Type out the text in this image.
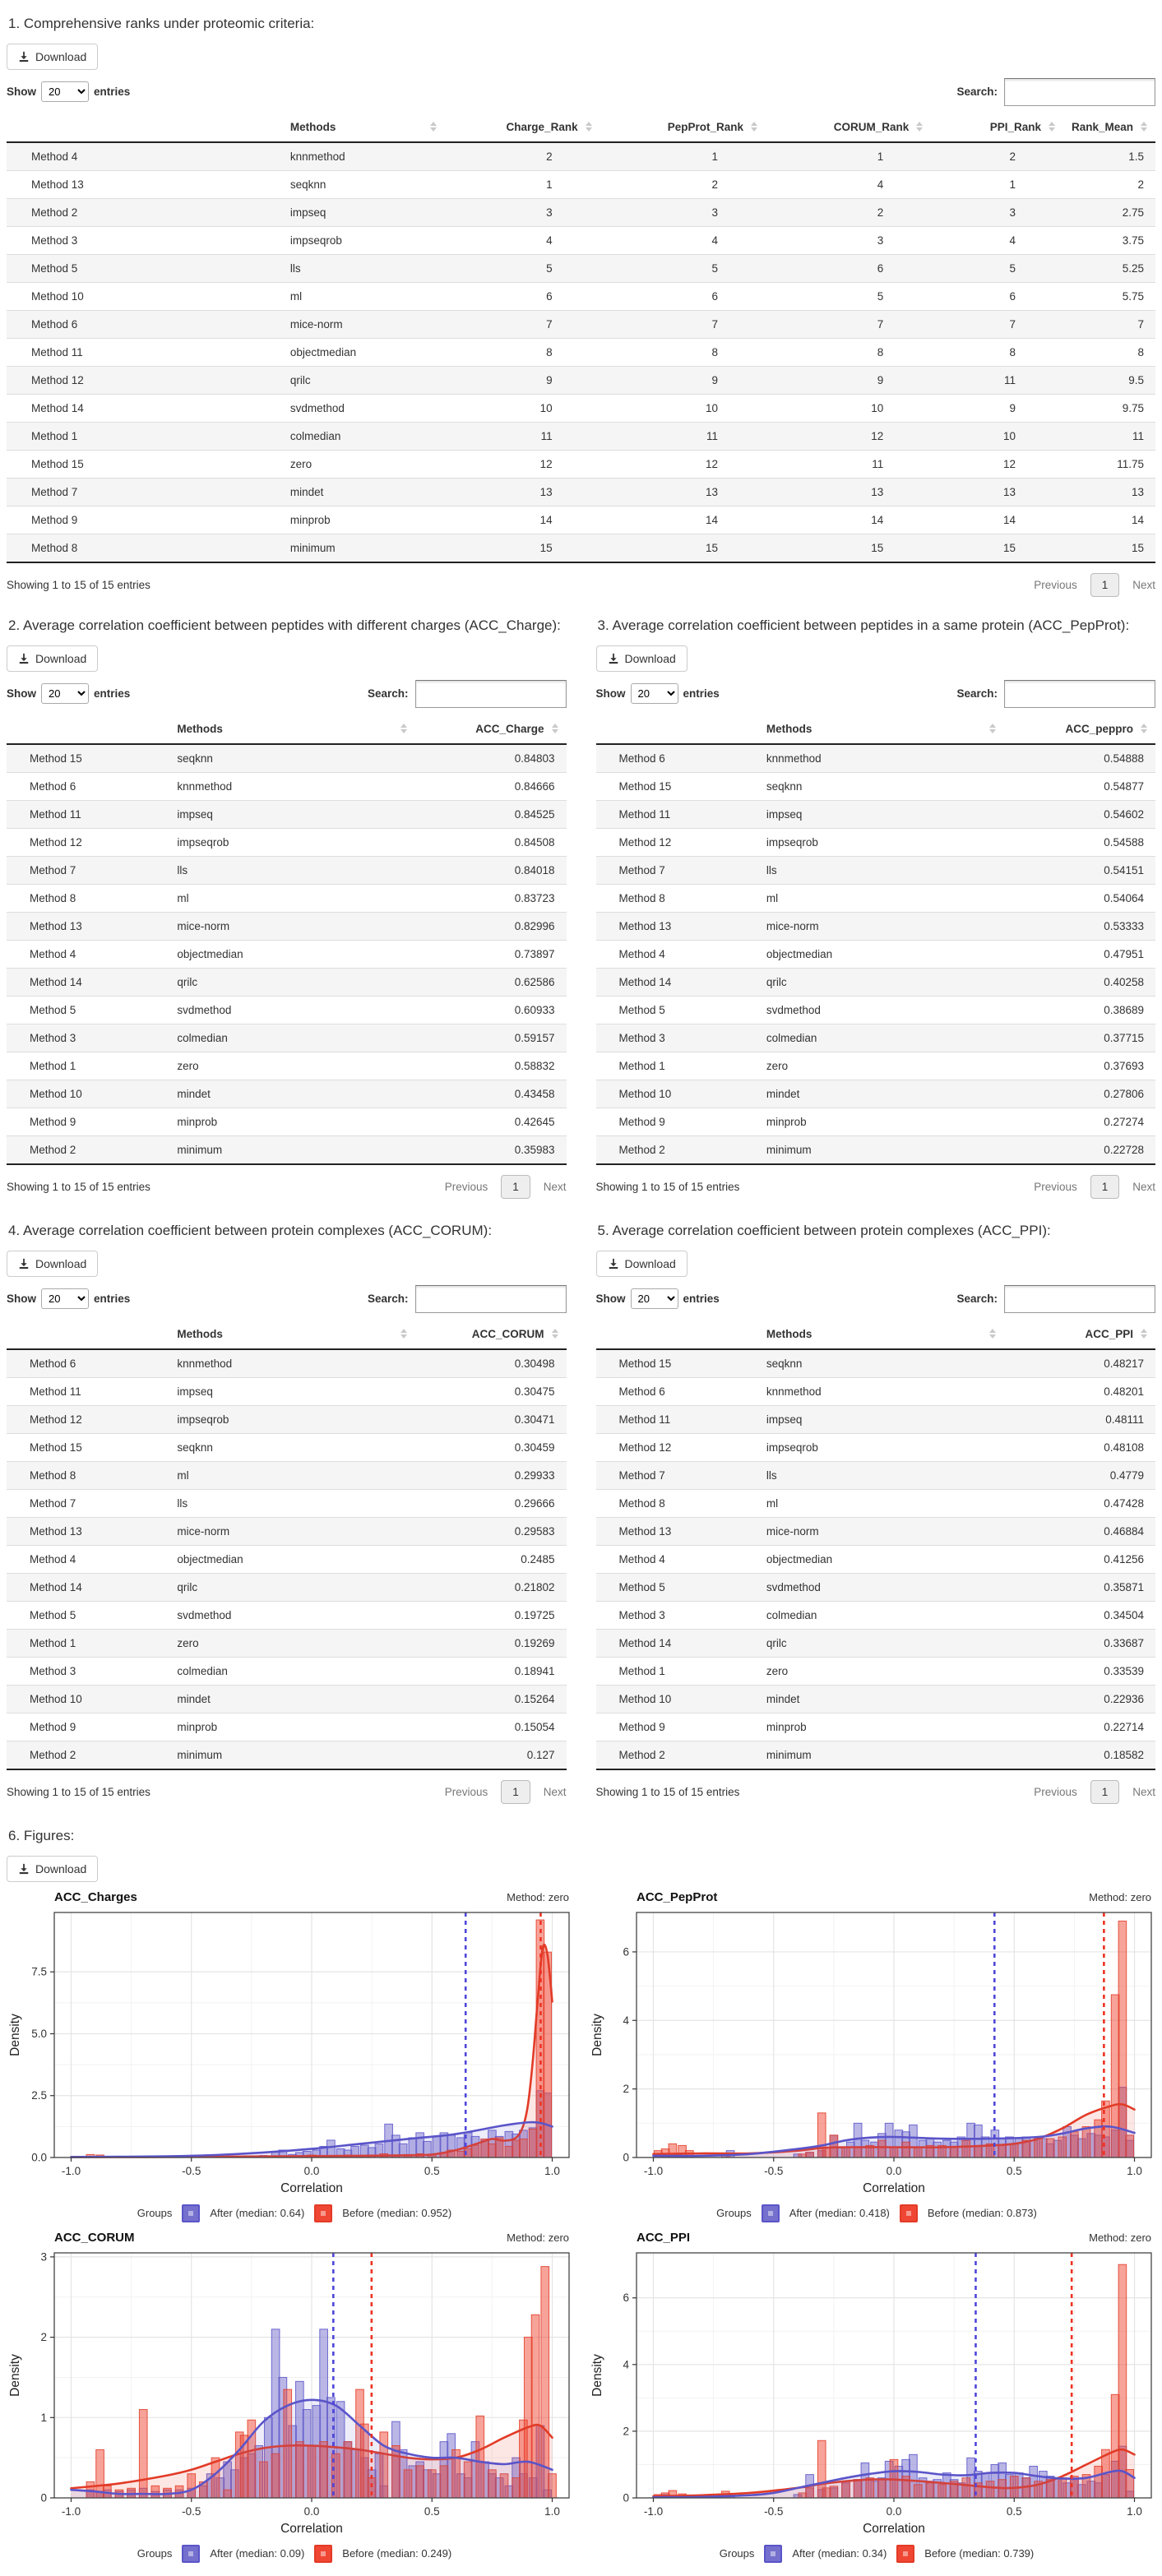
1. Comprehensive ranks under proteomic criteria:
Download
Show
20	entries	Search:

	Methods	Charge_Rank	PepProt_Rank	CORUM_Rank	PPI_Rank	Rank_Mean

Method 4	knnmethod	2	1	1	2	1.5
Method 13	seqknn	1	2	4	1	2
Method 2	impseq	3	3	2	3	2.75
Method 3	impseqrob	4	4	3	4	3.75
Method 5	lls	5	5	6	5	5.25
Method 10	ml	6	6	5	6	5.75
Method 6	mice-norm	7	7	7	7	7
Method 11	objectmedian	8	8	8	8	8
Method 12	qrilc	9	9	9	11	9.5
Method 14	svdmethod	10	10	10	9	9.75
Method 1	colmedian	11	11	12	10	11
Method 15	zero	12	12	11	12	11.75
Method 7	mindet	13	13	13	13	13
Method 9	minprob	14	14	14	14	14
Method 8	minimum	15	15	15	15	15
Showing 1 to 15 of 15 entries	Previous	1	Next
2. Average correlation coefficient between peptides with different charges (ACC_Charge):
Download
Show
20	entries	Search:

	Methods	ACC_Charge

Method 15	seqknn	0.84803
Method 6	knnmethod	0.84666
Method 11	impseq	0.84525
Method 12	impseqrob	0.84508
Method 7	lls	0.84018
Method 8	ml	0.83723
Method 13	mice-norm	0.82996
Method 4	objectmedian	0.73897
Method 14	qrilc	0.62586
Method 5	svdmethod	0.60933
Method 3	colmedian	0.59157
Method 1	zero	0.58832
Method 10	mindet	0.43458
Method 9	minprob	0.42645
Method 2	minimum	0.35983
Showing 1 to 15 of 15 entries	Previous	1	Next
3. Average correlation coefficient between peptides in a same protein (ACC_PepProt):
Download
Show
20	entries	Search:

	Methods	ACC_peppro

Method 6	knnmethod	0.54888
Method 15	seqknn	0.54877
Method 11	impseq	0.54602
Method 12	impseqrob	0.54588
Method 7	lls	0.54151
Method 8	ml	0.54064
Method 13	mice-norm	0.53333
Method 4	objectmedian	0.47951
Method 14	qrilc	0.40258
Method 5	svdmethod	0.38689
Method 3	colmedian	0.37715
Method 1	zero	0.37693
Method 10	mindet	0.27806
Method 9	minprob	0.27274
Method 2	minimum	0.22728
Showing 1 to 15 of 15 entries	Previous	1	Next
4. Average correlation coefficient between protein complexes (ACC_CORUM):
Download
Show
20	entries	Search:

	Methods	ACC_CORUM

Method 6	knnmethod	0.30498
Method 11	impseq	0.30475
Method 12	impseqrob	0.30471
Method 15	seqknn	0.30459
Method 8	ml	0.29933
Method 7	lls	0.29666
Method 13	mice-norm	0.29583
Method 4	objectmedian	0.2485
Method 14	qrilc	0.21802
Method 5	svdmethod	0.19725
Method 1	zero	0.19269
Method 3	colmedian	0.18941
Method 10	mindet	0.15264
Method 9	minprob	0.15054
Method 2	minimum	0.127
Showing 1 to 15 of 15 entries	Previous	1	Next
5. Average correlation coefficient between protein complexes (ACC_PPI):
Download
Show
20	entries	Search:

	Methods	ACC_PPI

Method 15	seqknn	0.48217
Method 6	knnmethod	0.48201
Method 11	impseq	0.48111
Method 12	impseqrob	0.48108
Method 7	lls	0.4779
Method 8	ml	0.47428
Method 13	mice-norm	0.46884
Method 4	objectmedian	0.41256
Method 5	svdmethod	0.35871
Method 3	colmedian	0.34504
Method 14	qrilc	0.33687
Method 1	zero	0.33539
Method 10	mindet	0.22936
Method 9	minprob	0.22714
Method 2	minimum	0.18582
Showing 1 to 15 of 15 entries	Previous	1	Next
6. Figures:
Download
ACC_Charges	Method: zero
-1.0	-0.5	0.0	0.5	1.0
0.0
2.5
5.0
7.5
Correlation
Density
Groups	After (median: 0.64)	Before (median: 0.952)
ACC_PepProt	Method: zero
-1.0	-0.5	0.0	0.5	1.0
0
2
4
6
Correlation
Density
Groups	After (median: 0.418)	Before (median: 0.873)
ACC_CORUM	Method: zero
-1.0	-0.5	0.0	0.5	1.0
0
1
2
3
Correlation
Density
Groups	After (median: 0.09)	Before (median: 0.249)
ACC_PPI	Method: zero
-1.0	-0.5	0.0	0.5	1.0
0
2
4
6
Correlation
Density
Groups	After (median: 0.34)	Before (median: 0.739)
